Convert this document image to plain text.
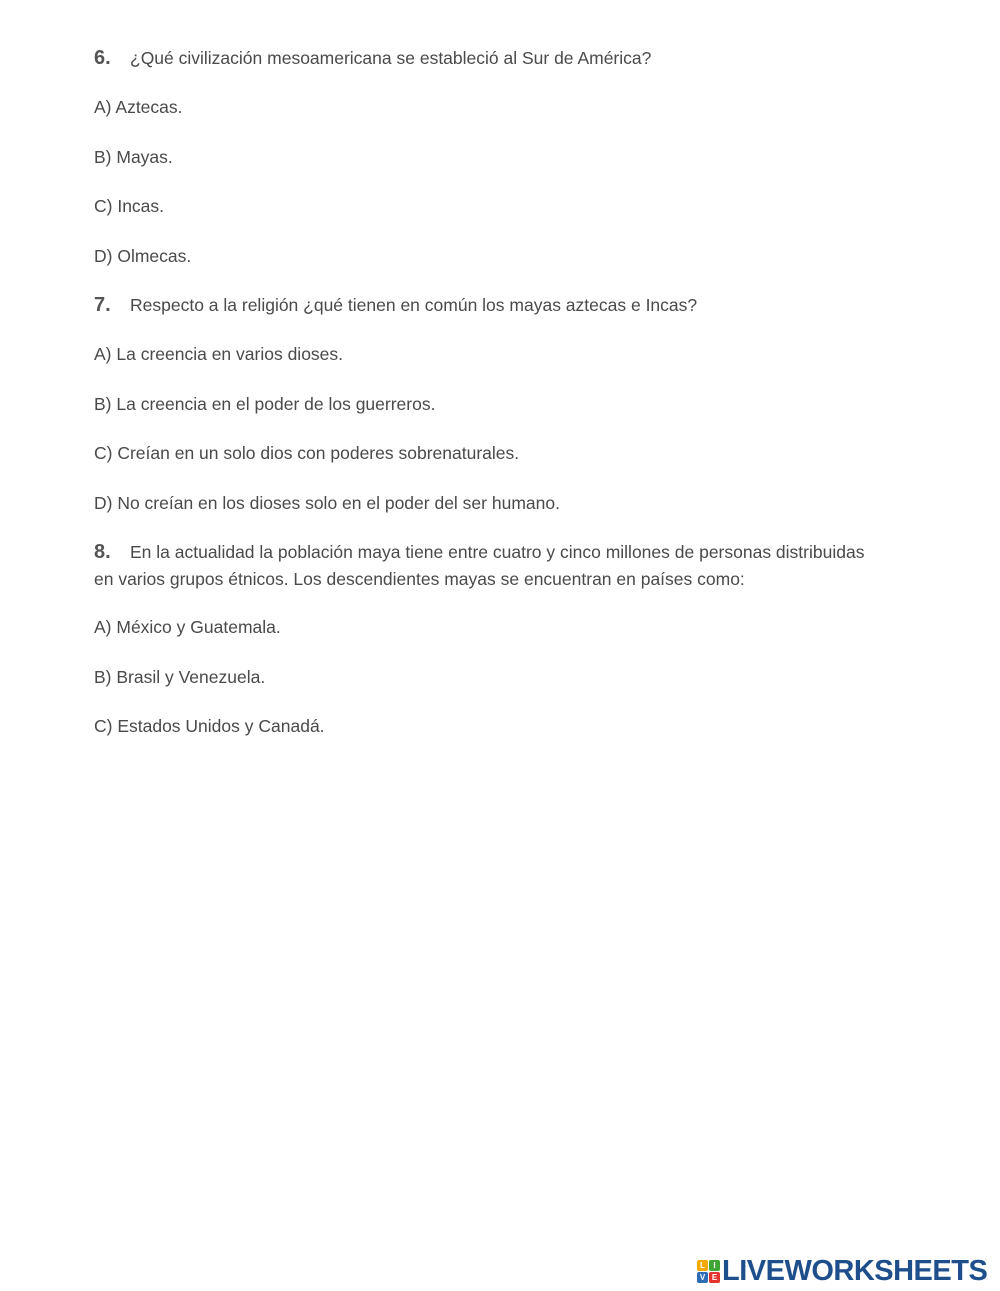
6. ¿Qué civilización mesoamericana se estableció al Sur de América?
A) Aztecas.
B) Mayas.
C) Incas.
D) Olmecas.
7. Respecto a la religión ¿qué tienen en común los mayas aztecas e Incas?
A) La creencia en varios dioses.
B) La creencia en el poder de los guerreros.
C) Creían en un solo dios con poderes sobrenaturales.
D) No creían en los dioses solo en el poder del ser humano.
8. En la actualidad la población maya tiene entre cuatro y cinco millones de personas distribuidas
en varios grupos étnicos. Los descendientes mayas se encuentran en países como:
A) México y Guatemala.
B) Brasil y Venezuela.
C) Estados Unidos y Canadá.
L	I
V E LIVEWORKSHEETS
